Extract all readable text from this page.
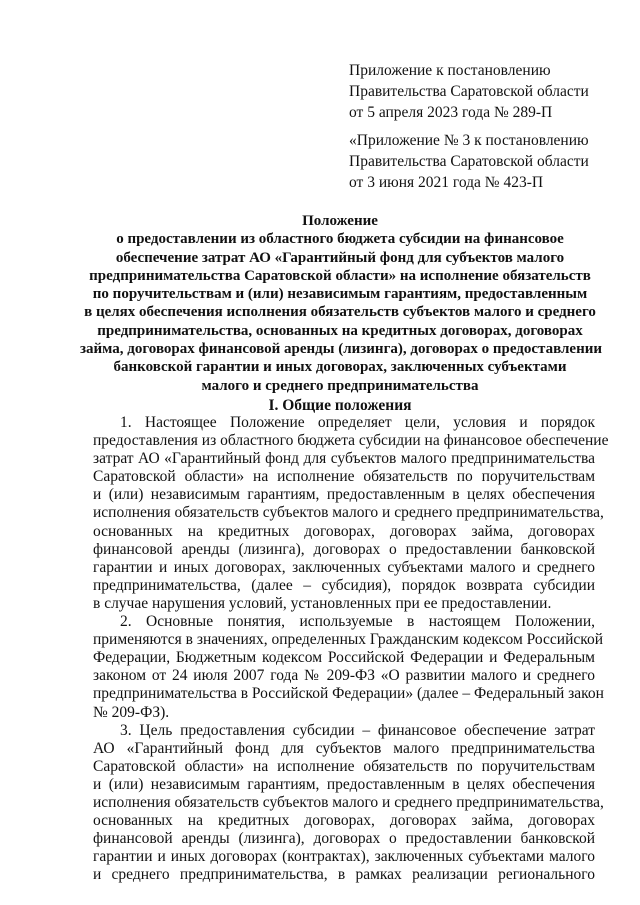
Приложение к постановлению
Правительства Саратовской области
от 5 апреля 2023 года № 289-П
«Приложение № 3 к постановлению
Правительства Саратовской области
от 3 июня 2021 года № 423-П
Положение
о предоставлении из областного бюджета субсидии на финансовое
обеспечение затрат АО «Гарантийный фонд для субъектов малого
предпринимательства Саратовской области» на исполнение обязательств
по поручительствам и (или) независимым гарантиям, предоставленным
в целях обеспечения исполнения обязательств субъектов малого и среднего
предпринимательства, основанных на кредитных договорах, договорах
займа, договорах финансовой аренды (лизинга), договорах о предоставлении
банковской гарантии и иных договорах, заключенных субъектами
малого и среднего предпринимательства
I. Общие положения
1. Настоящее Положение определяет цели, условия и порядок
предоставления из областного бюджета субсидии на финансовое обеспечение
затрат АО «Гарантийный фонд для субъектов малого предпринимательства
Саратовской области» на исполнение обязательств по поручительствам
и (или) независимым гарантиям, предоставленным в целях обеспечения
исполнения обязательств субъектов малого и среднего предпринимательства,
основанных на кредитных договорах, договорах займа, договорах
финансовой аренды (лизинга), договорах о предоставлении банковской
гарантии и иных договорах, заключенных субъектами малого и среднего
предпринимательства, (далее – субсидия), порядок возврата субсидии
в случае нарушения условий, установленных при ее предоставлении.
2. Основные понятия, используемые в настоящем Положении,
применяются в значениях, определенных Гражданским кодексом Российской
Федерации, Бюджетным кодексом Российской Федерации и Федеральным
законом от 24 июля 2007 года № 209-ФЗ «О развитии малого и среднего
предпринимательства в Российской Федерации» (далее – Федеральный закон
№ 209-ФЗ).
3. Цель предоставления субсидии – финансовое обеспечение затрат
АО «Гарантийный фонд для субъектов малого предпринимательства
Саратовской области» на исполнение обязательств по поручительствам
и (или) независимым гарантиям, предоставленным в целях обеспечения
исполнения обязательств субъектов малого и среднего предпринимательства,
основанных на кредитных договорах, договорах займа, договорах
финансовой аренды (лизинга), договорах о предоставлении банковской
гарантии и иных договорах (контрактах), заключенных субъектами малого
и среднего предпринимательства, в рамках реализации регионального
